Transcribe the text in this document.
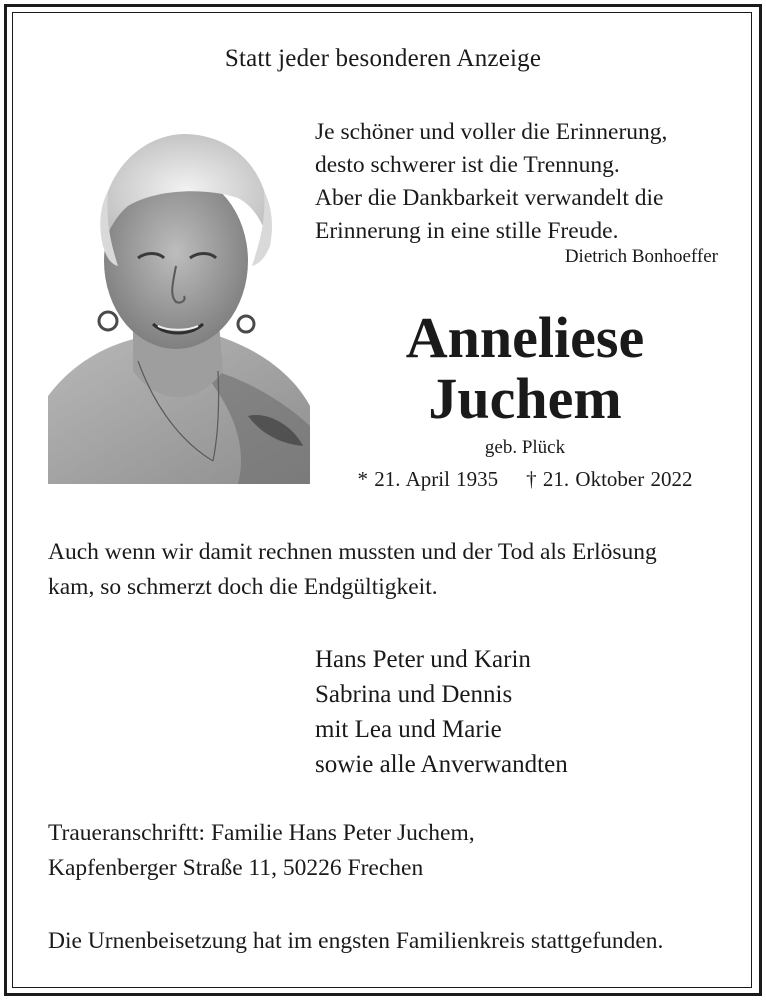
Statt jeder besonderen Anzeige
Je schöner und voller die Erinnerung,
desto schwerer ist die Trennung.
Aber die Dankbarkeit verwandelt die
Erinnerung in eine stille Freude.
Dietrich Bonhoeffer
Anneliese
Juchem
geb. Plück
* 21. April 1935 † 21. Oktober 2022
Auch wenn wir damit rechnen mussten und der Tod als Erlösung
kam, so schmerzt doch die Endgültigkeit.
Hans Peter und Karin
Sabrina und Dennis
mit Lea und Marie
sowie alle Anverwandten
Traueranschriftt: Familie Hans Peter Juchem,
Kapfenberger Straße 11, 50226 Frechen
Die Urnenbeisetzung hat im engsten Familienkreis stattgefunden.
